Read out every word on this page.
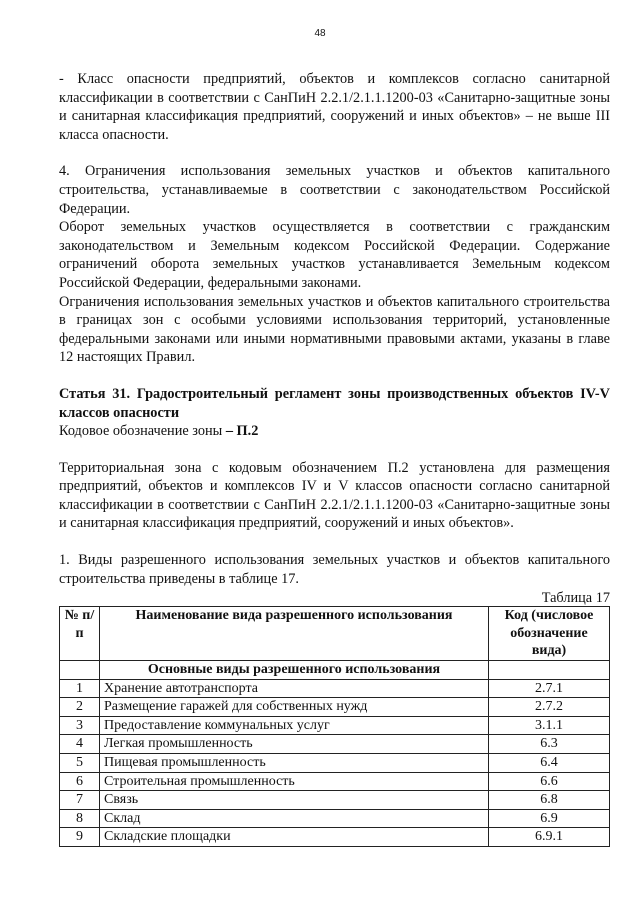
48

- Класс опасности предприятий, объектов и комплексов согласно санитарной классификации в соответствии с СанПиН 2.2.1/2.1.1.1200-03 «Санитарно-защитные зоны и санитарная классификация предприятий, сооружений и иных объектов» – не выше III класса опасности.

4. Ограничения использования земельных участков и объектов капитального строительства, устанавливаемые в соответствии с законодательством Российской Федерации.

Оборот земельных участков осуществляется в соответствии с гражданским законодательством и Земельным кодексом Российской Федерации. Содержание ограничений оборота земельных участков устанавливается Земельным кодексом Российской Федерации, федеральными законами.

Ограничения использования земельных участков и объектов капитального строительства в границах зон с особыми условиями использования территорий, установленные федеральными законами или иными нормативными правовыми актами, указаны в главе 12 настоящих Правил.

Статья 31. Градостроительный регламент зоны производственных объектов IV-V классов опасности

Кодовое обозначение зоны – П.2

Территориальная зона с кодовым обозначением П.2 установлена для размещения предприятий, объектов и комплексов IV и V классов опасности согласно санитарной классификации в соответствии с СанПиН 2.2.1/2.1.1.1200-03 «Санитарно-защитные зоны и санитарная классификация предприятий, сооружений и иных объектов».

1. Виды разрешенного использования земельных участков и объектов капитального строительства приведены в таблице 17.

Таблица 17
№ п/п	Наименование вида разрешенного использования	Код (числовое обозначение вида)
	Основные виды разрешенного использования	
1	Хранение автотранспорта	2.7.1
2	Размещение гаражей для собственных нужд	2.7.2
3	Предоставление коммунальных услуг	3.1.1
4	Легкая промышленность	6.3
5	Пищевая промышленность	6.4
6	Строительная промышленность	6.6
7	Связь	6.8
8	Склад	6.9
9	Складские площадки	6.9.1
